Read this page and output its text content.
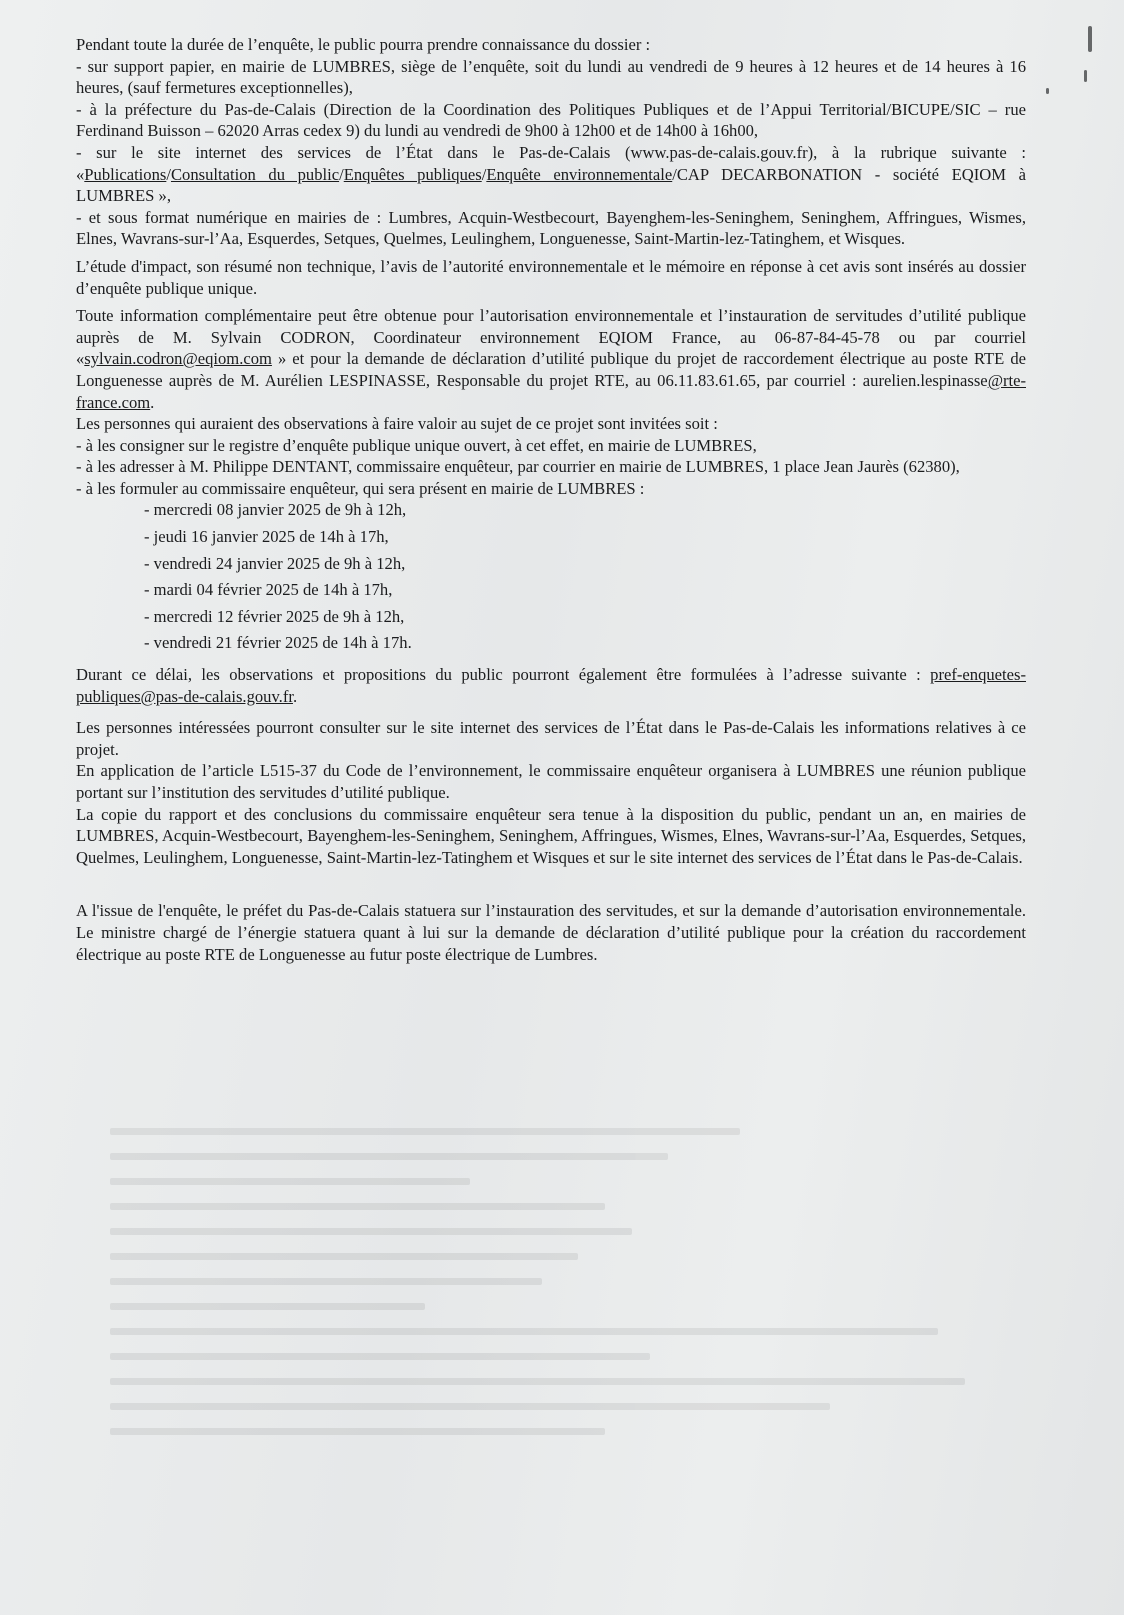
Pendant toute la durée de l’enquête, le public pourra prendre connaissance du dossier :

- sur support papier, en mairie de LUMBRES, siège de l’enquête, soit du lundi au vendredi de 9 heures à 12 heures et de 14 heures à 16 heures, (sauf fermetures exceptionnelles),

- à la préfecture du Pas-de-Calais (Direction de la Coordination des Politiques Publiques et de l’Appui Territorial/BICUPE/SIC – rue Ferdinand Buisson – 62020 Arras cedex 9) du lundi au vendredi de 9h00 à 12h00 et de 14h00 à 16h00,

- sur le site internet des services de l’État dans le Pas-de-Calais (www.pas-de-calais.gouv.fr), à la rubrique suivante : «Publications/Consultation du public/Enquêtes publiques/Enquête environnementale/CAP DECARBONATION - société EQIOM à LUMBRES »,

- et sous format numérique en mairies de : Lumbres, Acquin-Westbecourt, Bayenghem-les-Seninghem, Seninghem, Affringues, Wismes, Elnes, Wavrans-sur-l’Aa, Esquerdes, Setques, Quelmes, Leulinghem, Longuenesse, Saint-Martin-lez-Tatinghem, et Wisques.

L’étude d'impact, son résumé non technique, l’avis de l’autorité environnementale et le mémoire en réponse à cet avis sont insérés au dossier d’enquête publique unique.

Toute information complémentaire peut être obtenue pour l’autorisation environnementale et l’instauration de servitudes d’utilité publique auprès de M. Sylvain CODRON, Coordinateur environnement EQIOM France, au 06-87-84-45-78 ou par courriel «sylvain.codron@eqiom.com » et pour la demande de déclaration d’utilité publique du projet de raccordement électrique au poste RTE de Longuenesse auprès de M. Aurélien LESPINASSE, Responsable du projet RTE, au 06.11.83.61.65, par courriel : aurelien.lespinasse@rte-france.com.

Les personnes qui auraient des observations à faire valoir au sujet de ce projet sont invitées soit :

- à les consigner sur le registre d’enquête publique unique ouvert, à cet effet, en mairie de LUMBRES,

- à les adresser à M. Philippe DENTANT, commissaire enquêteur, par courrier en mairie de LUMBRES, 1 place Jean Jaurès (62380),

- à les formuler au commissaire enquêteur, qui sera présent en mairie de LUMBRES :

- mercredi 08 janvier 2025 de 9h à 12h,
- jeudi 16 janvier 2025 de 14h à 17h,
- vendredi 24 janvier 2025 de 9h à 12h,
- mardi 04 février 2025 de 14h à 17h,
- mercredi 12 février 2025 de 9h à 12h,
- vendredi 21 février 2025 de 14h à 17h.

Durant ce délai, les observations et propositions du public pourront également être formulées à l’adresse suivante : pref-enquetes-publiques@pas-de-calais.gouv.fr.

Les personnes intéressées pourront consulter sur le site internet des services de l’État dans le Pas-de-Calais les informations relatives à ce projet.

En application de l’article L515-37 du Code de l’environnement, le commissaire enquêteur organisera à LUMBRES une réunion publique portant sur l’institution des servitudes d’utilité publique.

La copie du rapport et des conclusions du commissaire enquêteur sera tenue à la disposition du public, pendant un an, en mairies de LUMBRES, Acquin-Westbecourt, Bayenghem-les-Seninghem, Seninghem, Affringues, Wismes, Elnes, Wavrans-sur-l’Aa, Esquerdes, Setques, Quelmes, Leulinghem, Longuenesse, Saint-Martin-lez-Tatinghem et Wisques et sur le site internet des services de l’État dans le Pas-de-Calais.

A l'issue de l'enquête, le préfet du Pas-de-Calais statuera sur l’instauration des servitudes, et sur la demande d’autorisation environnementale. Le ministre chargé de l’énergie statuera quant à lui sur la demande de déclaration d’utilité publique pour la création du raccordement électrique au poste RTE de Longuenesse au futur poste électrique de Lumbres.
